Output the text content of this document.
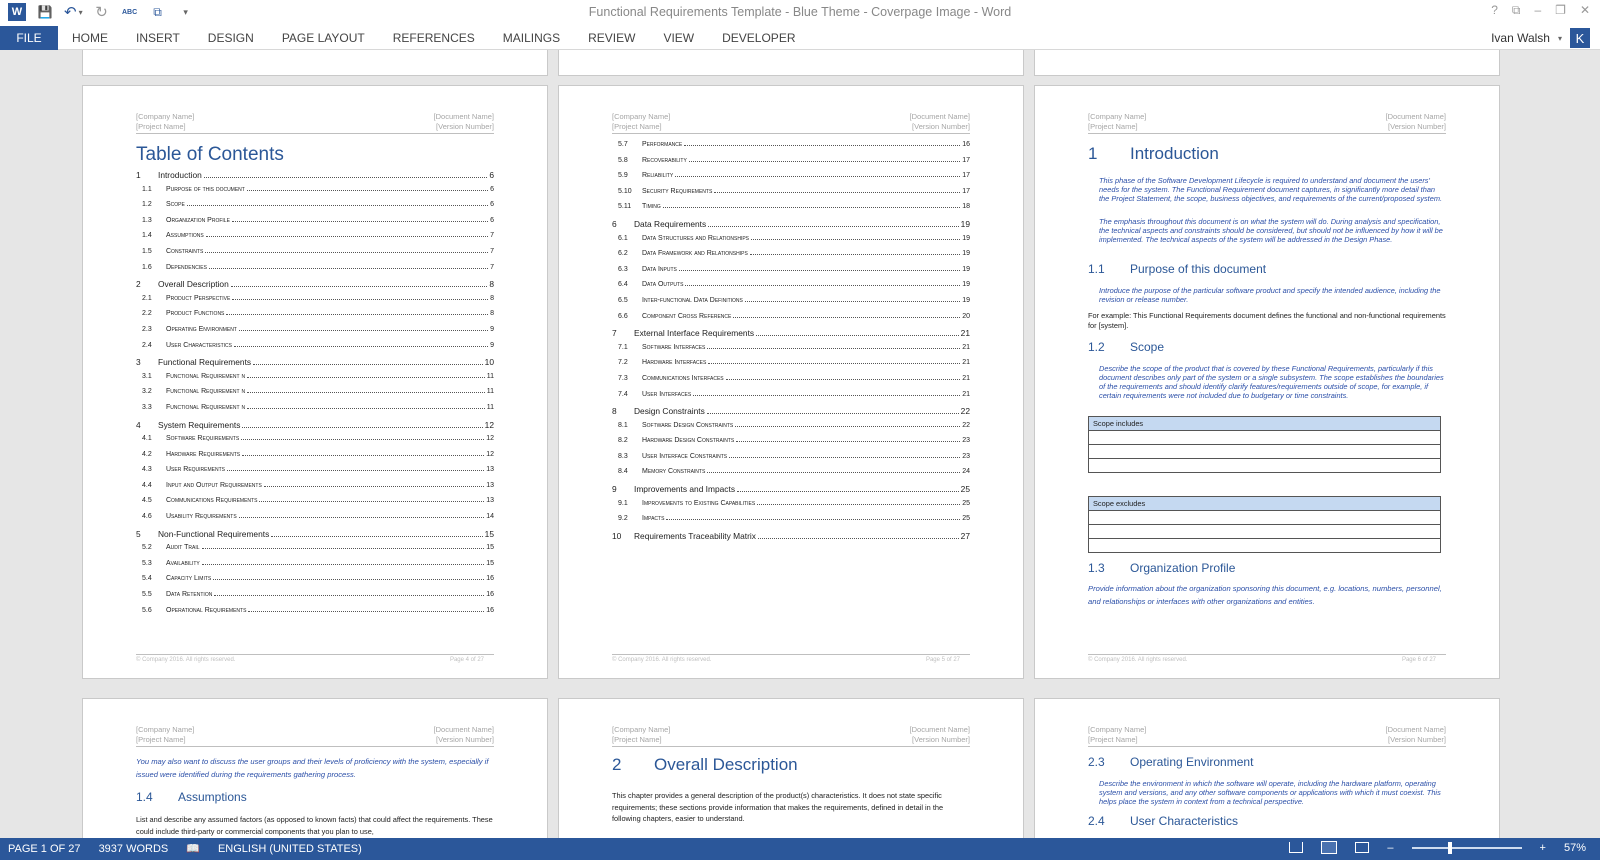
W	💾 ↶ ▾ ↻	ABC	⧉	▾	Functional Requirements Template - Blue Theme - Coverpage Image - Word	? ⧉ – ❐ ✕
FILE	HOME	INSERT	DESIGN	PAGE LAYOUT	REFERENCES	MAILINGS	REVIEW	VIEW	DEVELOPER	Ivan Walsh ▾	K
[Company Name]
[Project Name]
[Document Name]
[Version Number]
Table of Contents
1	Introduction	6
1.1	Purpose of this document	6
1.2	Scope	6
1.3	Organization Profile	6
1.4	Assumptions	7
1.5	Constraints	7
1.6	Dependencies	7
2	Overall Description	8
2.1	Product Perspective	8
2.2	Product Functions	8
2.3	Operating Environment	9
2.4	User Characteristics	9
3	Functional Requirements	10
3.1	Functional Requirement n	11
3.2	Functional Requirement n	11
3.3	Functional Requirement n	11
4	System Requirements	12
4.1	Software Requirements	12
4.2	Hardware Requirements	12
4.3	User Requirements	13
4.4	Input and Output Requirements	13
4.5	Communications Requirements	13
4.6	Usability Requirements	14
5	Non-Functional Requirements	15
5.2	Audit Trail	15
5.3	Availability	15
5.4	Capacity Limits	16
5.5	Data Retention	16
5.6	Operational Requirements	16
© Company 2016. All rights reserved.	Page 4 of 27
[Company Name]
[Project Name]
[Document Name]
[Version Number]
5.7	Performance	16
5.8	Recoverability	17
5.9	Reliability	17
5.10	Security Requirements	17
5.11	Timing	18
6	Data Requirements	19
6.1	Data Structures and Relationships	19
6.2	Data Framework and Relationships	19
6.3	Data Inputs	19
6.4	Data Outputs	19
6.5	Inter-functional Data Definitions	19
6.6	Component Cross Reference	20
7	External Interface Requirements	21
7.1	Software Interfaces	21
7.2	Hardware Interfaces	21
7.3	Communications Interfaces	21
7.4	User Interfaces	21
8	Design Constraints	22
8.1	Software Design Constraints	22
8.2	Hardware Design Constraints	23
8.3	User Interface Constraints	23
8.4	Memory Constraints	24
9	Improvements and Impacts	25
9.1	Improvements to Existing Capabilities	25
9.2	Impacts	25
10	Requirements Traceability Matrix	27
© Company 2016. All rights reserved.	Page 5 of 27
[Company Name]
[Project Name]
[Document Name]
[Version Number]
1 Introduction
This phase of the Software Development Lifecycle is required to understand and document the users' needs for the system. The Functional Requirement document captures, in significantly more detail than the Project Statement, the scope, business objectives, and requirements of the current/proposed system.
The emphasis throughout this document is on what the system will do. During analysis and specification, the technical aspects and constraints should be considered, but should not be influenced by how it will be implemented. The technical aspects of the system will be addressed in the Design Phase.
1.1 Purpose of this document
Introduce the purpose of the particular software product and specify the intended audience, including the revision or release number.
For example: This Functional Requirements document defines the functional and non-functional requirements for [system].
1.2 Scope
Describe the scope of the product that is covered by these Functional Requirements, particularly if this document describes only part of the system or a single subsystem. The scope establishes the boundaries of the requirements and should identify clarify features/requirements outside of scope, for example, if certain requirements were not included due to budgetary or time constraints.
Scope includes

Scope excludes

1.3 Organization Profile
Provide information about the organization sponsoring this document, e.g. locations, numbers, personnel, and relationships or interfaces with other organizations and entities.
© Company 2016. All rights reserved.	Page 6 of 27
[Company Name]
[Project Name]
[Document Name]
[Version Number]
You may also want to discuss the user groups and their levels of proficiency with the system, especially if issued were identified during the requirements gathering process.
1.4 Assumptions
List and describe any assumed factors (as opposed to known facts) that could affect the requirements. These could include third-party or commercial components that you plan to use,
[Company Name]
[Project Name]
[Document Name]
[Version Number]
2 Overall Description
This chapter provides a general description of the product(s) characteristics. It does not state specific requirements; these sections provide information that makes the requirements, defined in detail in the following chapters, easier to understand.
[Company Name]
[Project Name]
[Document Name]
[Version Number]
2.3 Operating Environment
Describe the environment in which the software will operate, including the hardware platform, operating system and versions, and any other software components or applications with which it must coexist. This helps place the system in context from a technical perspective.
2.4 User Characteristics
PAGE 1 OF 27 3937 WORDS 📖 ENGLISH (UNITED STATES)	–	+ 57%
